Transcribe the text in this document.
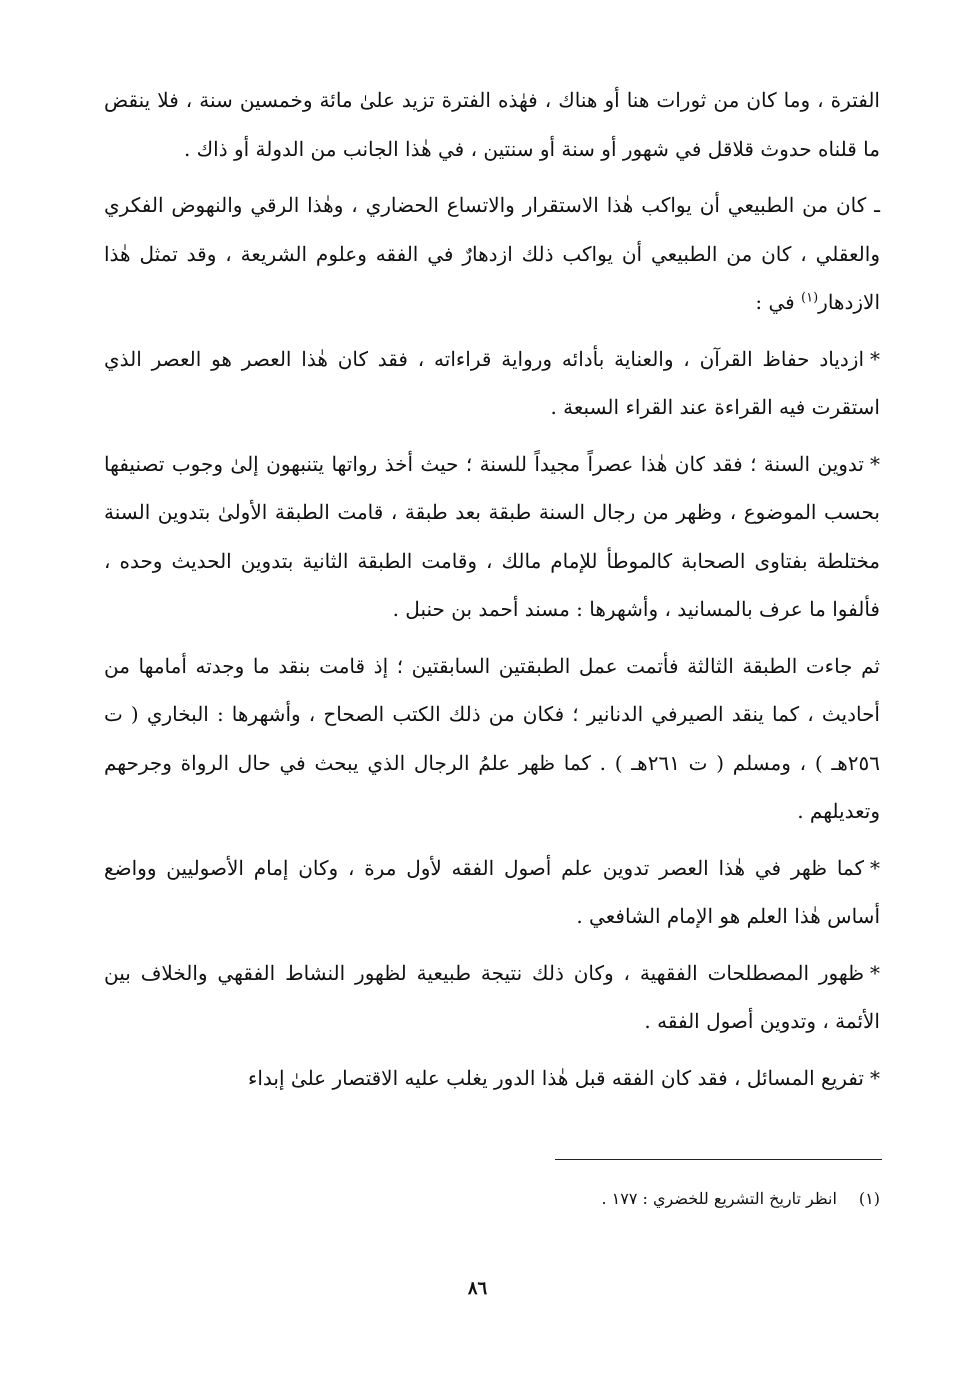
الفترة ، وما كان من ثورات هنا أو هناك ، فهٰذه الفترة تزيد علىٰ مائة وخمسين سنة ، فلا ينقض ما قلناه حدوث قلاقل في شهور أو سنة أو سنتين ، في هٰذا الجانب من الدولة أو ذاك .

ـ كان من الطبيعي أن يواكب هٰذا الاستقرار والاتساع الحضاري ، وهٰذا الرقي والنهوض الفكري والعقلي ، كان من الطبيعي أن يواكب ذلك ازدهارٌ في الفقه وعلوم الشريعة ، وقد تمثل هٰذا الازدهار$^{(١)}$ في :

*ازدياد حفاظ القرآن ، والعناية بأدائه ورواية قراءاته ، فقد كان هٰذا العصر هو العصر الذي استقرت فيه القراءة عند القراء السبعة .

*تدوين السنة ؛ فقد كان هٰذا عصراً مجيداً للسنة ؛ حيث أخذ رواتها يتنبهون إلىٰ وجوب تصنيفها بحسب الموضوع ، وظهر من رجال السنة طبقة بعد طبقة ، قامت الطبقة الأولىٰ بتدوين السنة مختلطة بفتاوى الصحابة كالموطأ للإمام مالك ، وقامت الطبقة الثانية بتدوين الحديث وحده ، فألفوا ما عرف بالمسانيد ، وأشهرها : مسند أحمد بن حنبل .

ثم جاءت الطبقة الثالثة فأتمت عمل الطبقتين السابقتين ؛ إذ قامت بنقد ما وجدته أمامها من أحاديث ، كما ينقد الصيرفي الدنانير ؛ فكان من ذلك الكتب الصحاح ، وأشهرها : البخاري ( ت ٢٥٦هـ ) ، ومسلم ( ت ٢٦١هـ ) . كما ظهر علمُ الرجال الذي يبحث في حال الرواة وجرحهم وتعديلهم .

*كما ظهر في هٰذا العصر تدوين علم أصول الفقه لأول مرة ، وكان إمام الأصوليين وواضع أساس هٰذا العلم هو الإمام الشافعي .

*ظهور المصطلحات الفقهية ، وكان ذلك نتيجة طبيعية لظهور النشاط الفقهي والخلاف بين الأئمة ، وتدوين أصول الفقه .

*تفريع المسائل ، فقد كان الفقه قبل هٰذا الدور يغلب عليه الاقتصار علىٰ إبداء

(١)انظر تاريخ التشريع للخضري : ١٧٧ .
٨٦
